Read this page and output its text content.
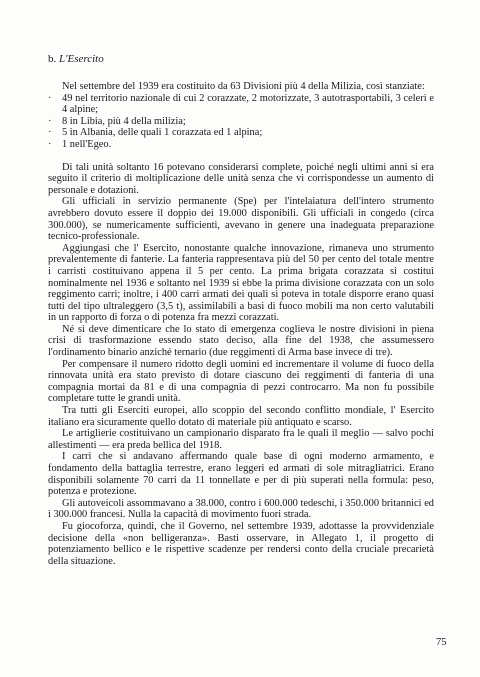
b. L'Esercito

Nel settembre del 1939 era costituito da 63 Divisioni più 4 della Milizia, così stanziate:

· 49 nel territorio nazionale di cui 2 corazzate, 2 motorizzate, 3 autotrasportabili, 3 celeri e 4 alpine;
· 8 in Libia, più 4 della milizia;
· 5 in Albania, delle quali 1 corazzata ed 1 alpina;
· 1 nell'Egeo.

Di tali unità soltanto 16 potevano considerarsi complete, poiché negli ultimi anni si era seguito il criterio di moltiplicazione delle unità senza che vi corrispondesse un aumento di personale e dotazioni.

Gli ufficiali in servizio permanente (Spe) per l'intelaiatura dell'intero strumento avrebbero dovuto essere il doppio dei 19.000 disponibili. Gli ufficiali in congedo (circa 300.000), se numericamente sufficienti, avevano in genere una inadeguata preparazione tecnico-professionale.

Aggiungasi che l' Esercito, nonostante qualche innovazione, rimaneva uno strumento prevalentemente di fanterie. La fanteria rappresentava più del 50 per cento del totale mentre i carristi costituivano appena il 5 per cento. La prima brigata corazzata si costituì nominalmente nel 1936 e soltanto nel 1939 si ebbe la prima divisione corazzata con un solo reggimento carri; inoltre, i 400 carri armati dei quali si poteva in totale disporre erano quasi tutti del tipo ultraleggero (3,5 t), assimilabili a basi di fuoco mobili ma non certo valutabili in un rapporto di forza o di potenza fra mezzi corazzati.

Né si deve dimenticare che lo stato di emergenza coglieva le nostre divisioni in piena crisi di trasformazione essendo stato deciso, alla fine del 1938, che assumessero l'ordinamento binario anziché ternario (due reggimenti di Arma base invece di tre).

Per compensare il numero ridotto degli uomini ed incrementare il volume di fuoco della rinnovata unità era stato previsto di dotare ciascuno dei reggimenti di fanteria di una compagnia mortai da 81 e di una compagnia di pezzi controcarro. Ma non fu possibile completare tutte le grandi unità.

Tra tutti gli Eserciti europei, allo scoppio del secondo conflitto mondiale, l' Esercito italiano era sicuramente quello dotato di materiale più antiquato e scarso.

Le artiglierie costituivano un campionario disparato fra le quali il meglio — salvo pochi allestimenti — era preda bellica del 1918.

I carri che si andavano affermando quale base di ogni moderno armamento, e fondamento della battaglia terrestre, erano leggeri ed armati di sole mitragliatrici. Erano disponibili solamente 70 carri da 11 tonnellate e per di più superati nella formula: peso, potenza e protezione.

Gli autoveicoli assommavano a 38.000, contro i 600.000 tedeschi, i 350.000 britannici ed i 300.000 francesi. Nulla la capacità di movimento fuori strada.

Fu giocoforza, quindi, che il Governo, nel settembre 1939, adottasse la provvidenziale decisione della «non belligeranza». Basti osservare, in Allegato 1, il progetto di potenziamento bellico e le rispettive scadenze per rendersi conto della cruciale precarietà della situazione.

75
